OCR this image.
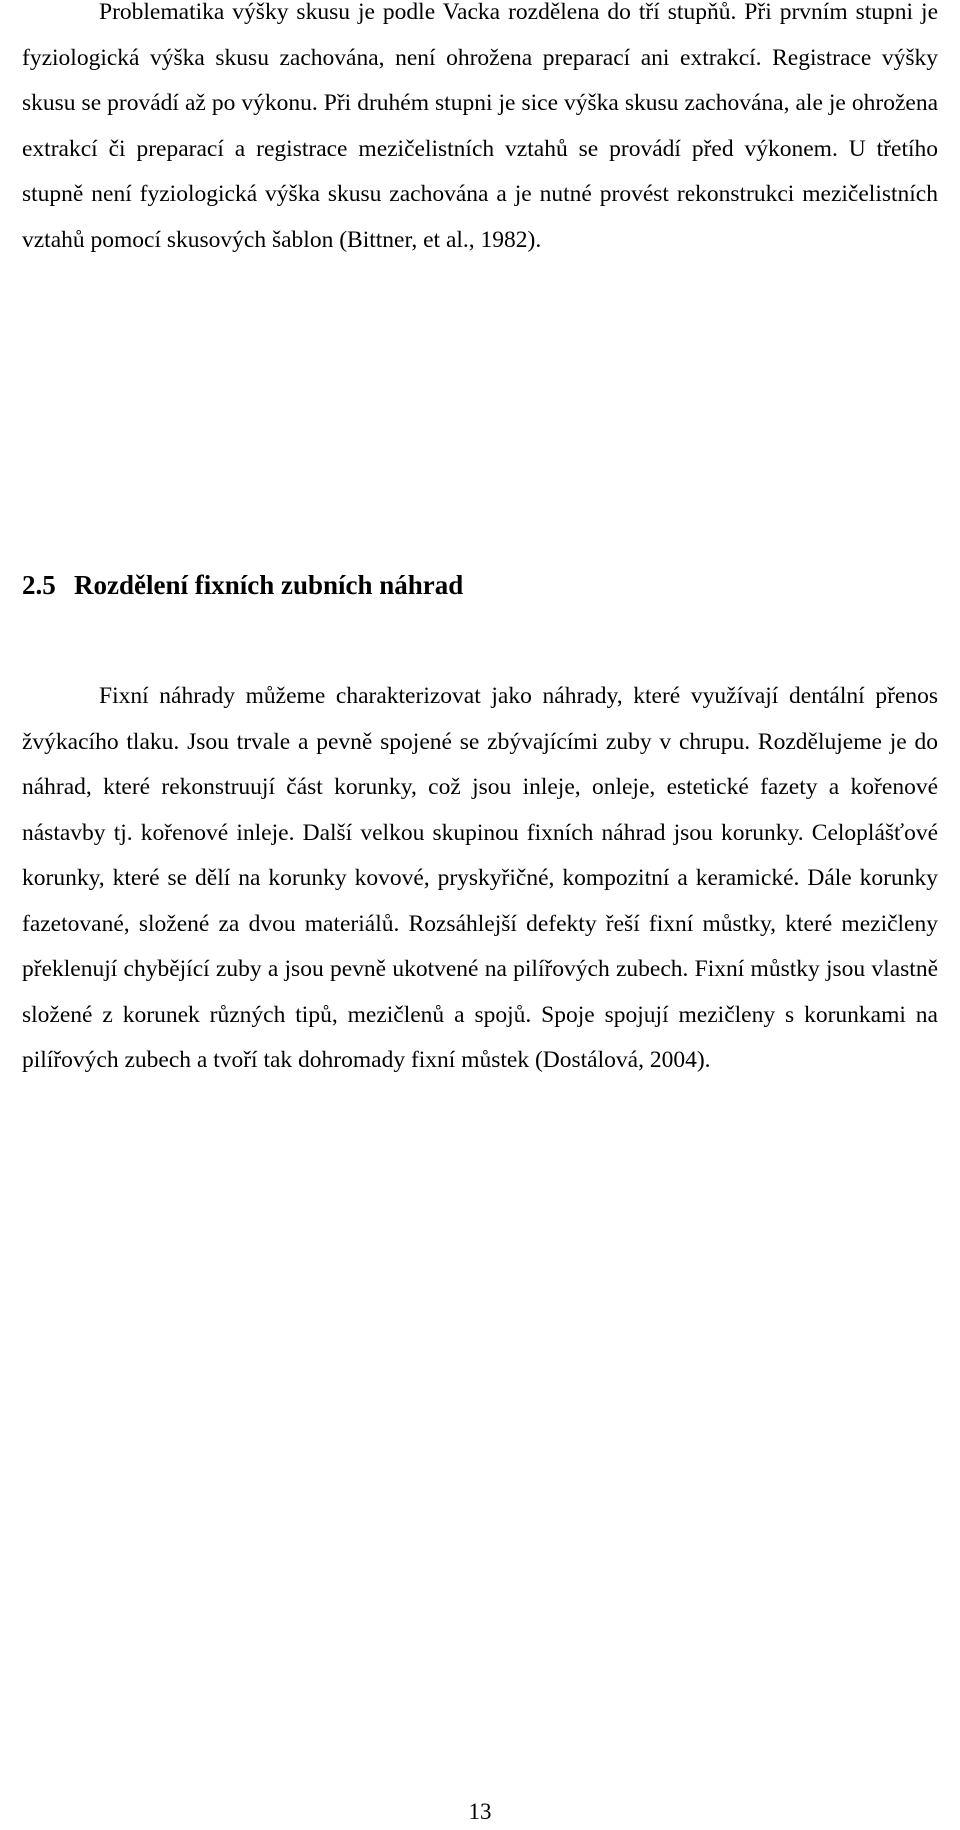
Problematika výšky skusu je podle Vacka rozdělena do tří stupňů. Při prvním stupni je fyziologická výška skusu zachována, není ohrožena preparací ani extrakcí. Registrace výšky skusu se provádí až po výkonu. Při druhém stupni je sice výška skusu zachována, ale je ohrožena extrakcí či preparací a registrace mezičelistních vztahů se provádí před výkonem. U třetího stupně není fyziologická výška skusu zachována a je nutné provést rekonstrukci mezičelistních vztahů pomocí skusových šablon (Bittner, et al., 1982).

2.5 Rozdělení fixních zubních náhrad

Fixní náhrady můžeme charakterizovat jako náhrady, které využívají dentální přenos žvýkacího tlaku. Jsou trvale a pevně spojené se zbývajícími zuby v chrupu. Rozdělujeme je do náhrad, které rekonstruují část korunky, což jsou inleje, onleje, estetické fazety a kořenové nástavby tj. kořenové inleje. Další velkou skupinou fixních náhrad jsou korunky. Celoplášťové korunky, které se dělí na korunky kovové, pryskyřičné, kompozitní a keramické. Dále korunky fazetované, složené za dvou materiálů. Rozsáhlejší defekty řeší fixní můstky, které mezičleny překlenují chybějící zuby a jsou pevně ukotvené na pilířových zubech. Fixní můstky jsou vlastně složené z korunek různých tipů, mezičlenů a spojů. Spoje spojují mezičleny s korunkami na pilířových zubech a tvoří tak dohromady fixní můstek (Dostálová, 2004).

13
